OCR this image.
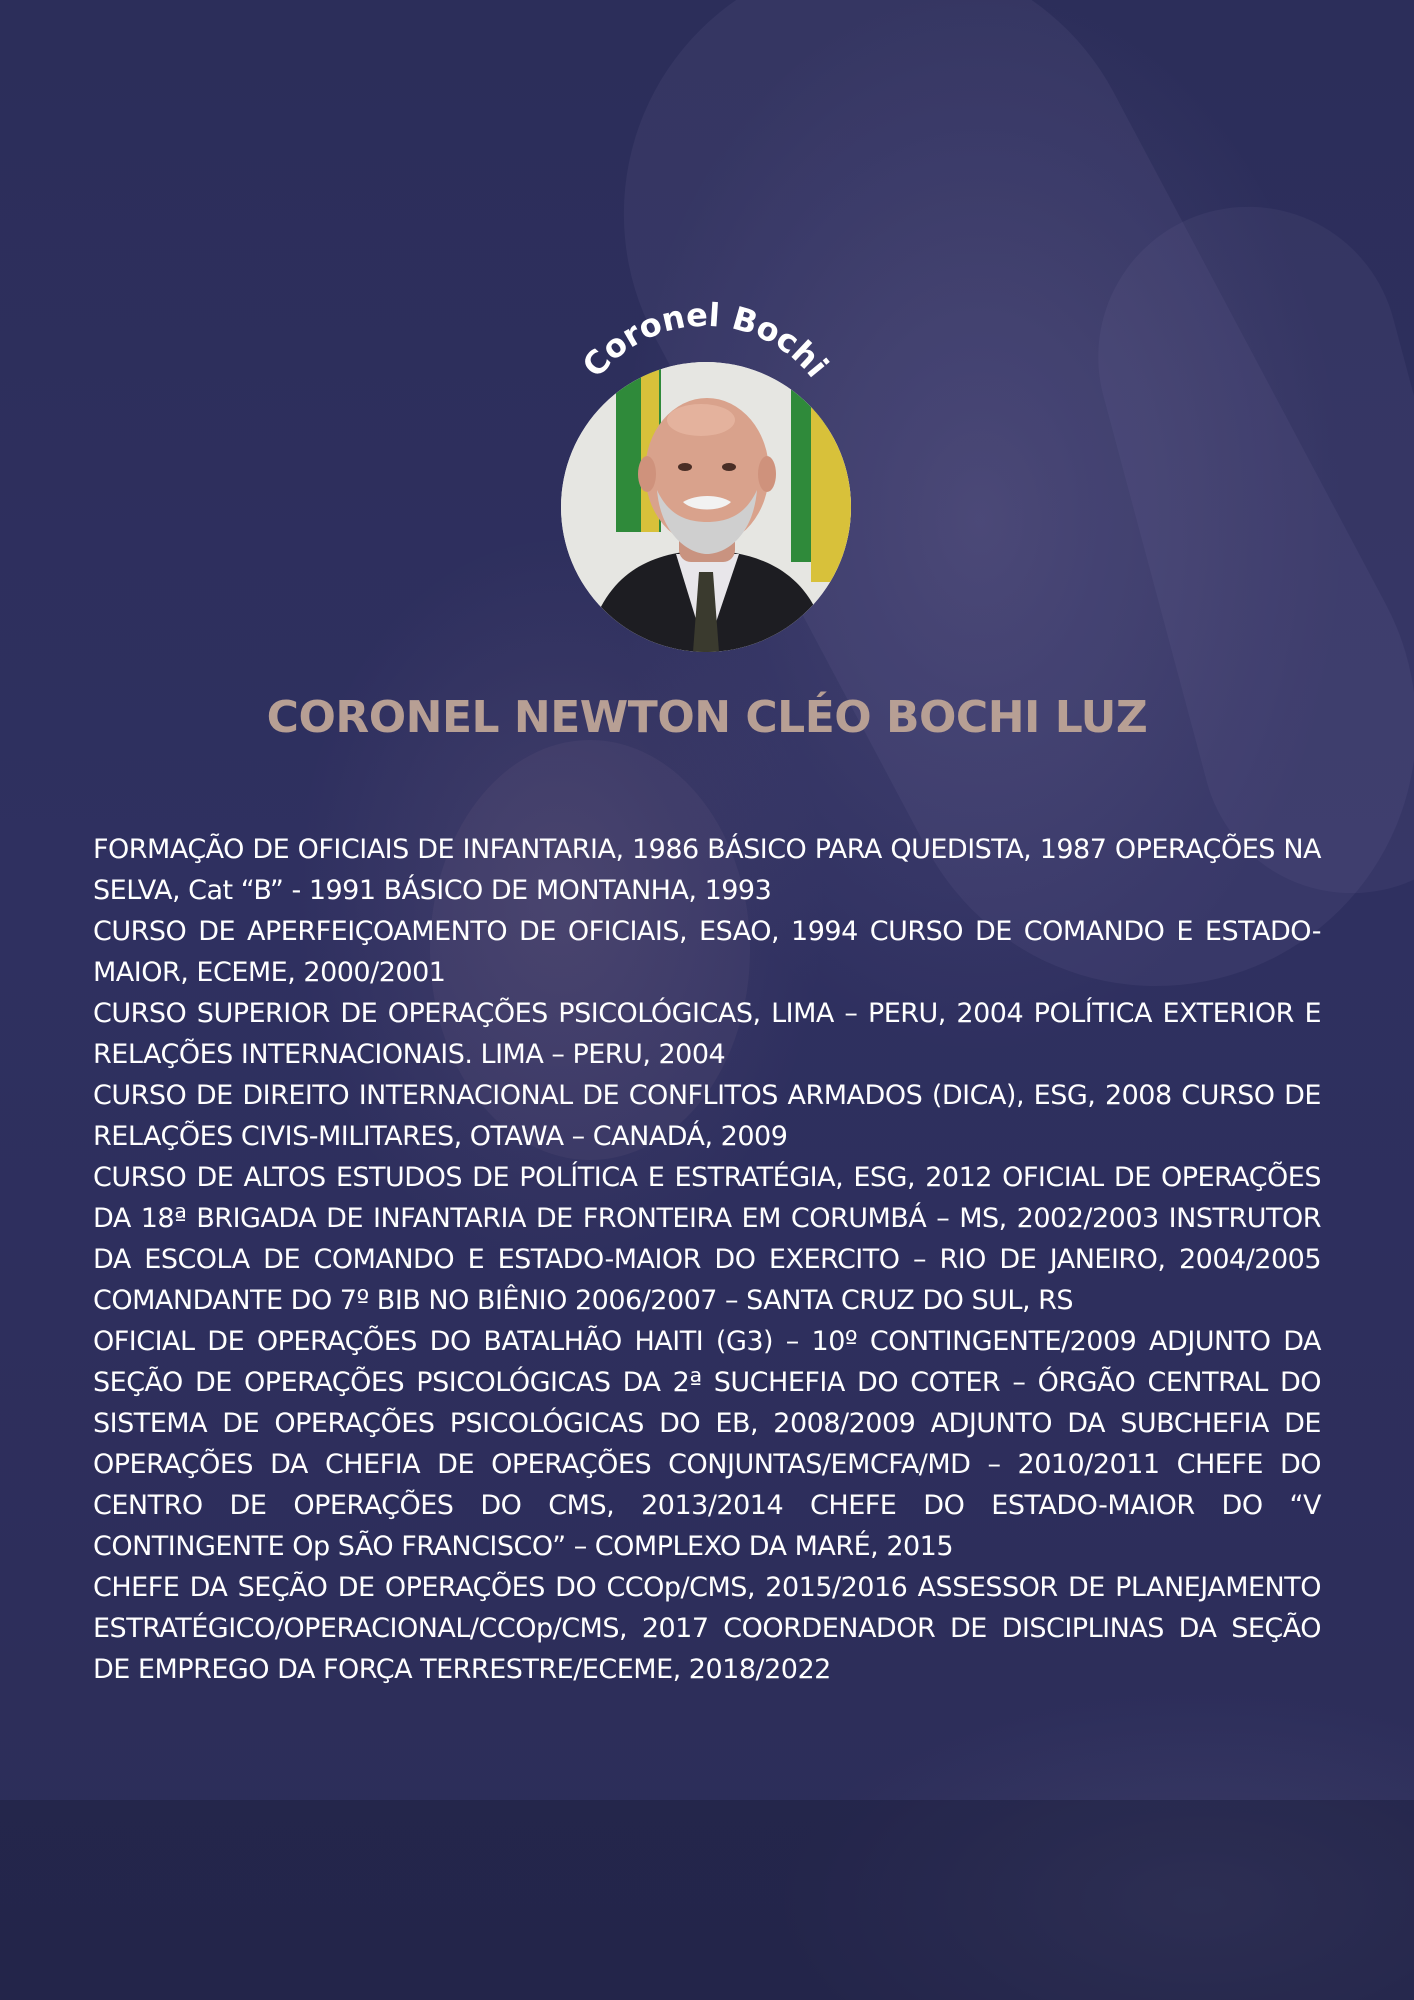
Coronel Bochi
CORONEL NEWTON CLÉO BOCHI LUZ

FORMAÇÃO DE OFICIAIS DE INFANTARIA, 1986 BÁSICO PARA QUEDISTA, 1987 OPERAÇÕES NA SELVA, Cat “B” - 1991 BÁSICO DE MONTANHA, 1993

CURSO DE APERFEIÇOAMENTO DE OFICIAIS, ESAO, 1994 CURSO DE COMANDO E ESTADO-MAIOR, ECEME, 2000/2001

CURSO SUPERIOR DE OPERAÇÕES PSICOLÓGICAS, LIMA – PERU, 2004 POLÍTICA EXTERIOR E RELAÇÕES INTERNACIONAIS. LIMA – PERU, 2004

CURSO DE DIREITO INTERNACIONAL DE CONFLITOS ARMADOS (DICA), ESG, 2008 CURSO DE RELAÇÕES CIVIS-MILITARES, OTAWA – CANADÁ, 2009

CURSO DE ALTOS ESTUDOS DE POLÍTICA E ESTRATÉGIA, ESG, 2012 OFICIAL DE OPERAÇÕES DA 18ª BRIGADA DE INFANTARIA DE FRONTEIRA EM CORUMBÁ – MS, 2002/2003 INSTRUTOR DA ESCOLA DE COMANDO E ESTADO-MAIOR DO EXERCITO – RIO DE JANEIRO, 2004/2005 COMANDANTE DO 7º BIB NO BIÊNIO 2006/2007 – SANTA CRUZ DO SUL, RS

OFICIAL DE OPERAÇÕES DO BATALHÃO HAITI (G3) – 10º CONTINGENTE/2009 ADJUNTO DA SEÇÃO DE OPERAÇÕES PSICOLÓGICAS DA 2ª SUCHEFIA DO COTER – ÓRGÃO CENTRAL DO SISTEMA DE OPERAÇÕES PSICOLÓGICAS DO EB, 2008/2009 ADJUNTO DA SUBCHEFIA DE OPERAÇÕES DA CHEFIA DE OPERAÇÕES CONJUNTAS/EMCFA/MD – 2010/2011 CHEFE DO CENTRO DE OPERAÇÕES DO CMS, 2013/2014 CHEFE DO ESTADO-MAIOR DO “V CONTINGENTE Op SÃO FRANCISCO” – COMPLEXO DA MARÉ, 2015

CHEFE DA SEÇÃO DE OPERAÇÕES DO CCOp/CMS, 2015/2016 ASSESSOR DE PLANEJAMENTO ESTRATÉGICO/OPERACIONAL/CCOp/CMS, 2017 COORDENADOR DE DISCIPLINAS DA SEÇÃO DE EMPREGO DA FORÇA TERRESTRE/ECEME, 2018/2022
